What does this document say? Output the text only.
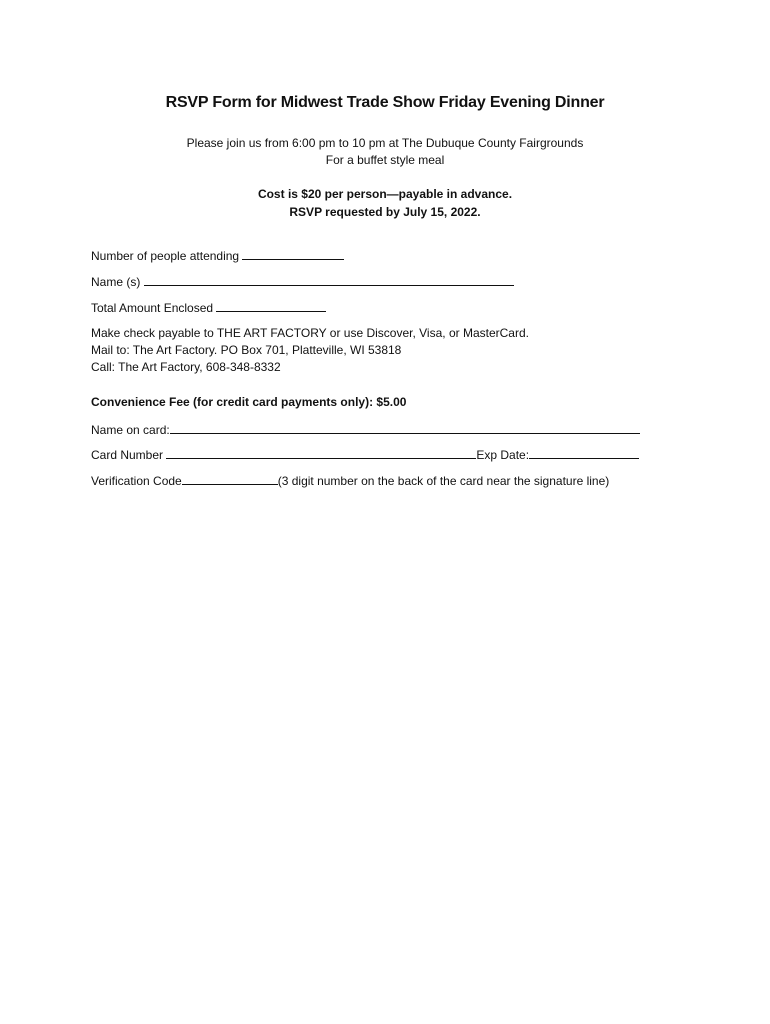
RSVP Form for Midwest Trade Show Friday Evening Dinner
Please join us from 6:00 pm to 10 pm at The Dubuque County Fairgrounds
For a buffet style meal
Cost is $20 per person—payable in advance.
RSVP requested by July 15, 2022.
Number of people attending
Name (s)
Total Amount Enclosed
Make check payable to THE ART FACTORY or use Discover, Visa, or MasterCard.
Mail to: The Art Factory. PO Box 701, Platteville, WI 53818
Call: The Art Factory, 608-348-8332
Convenience Fee (for credit card payments only): $5.00
Name on card:
Card Number	Exp Date:
Verification Code	(3 digit number on the back of the card near the signature line)
